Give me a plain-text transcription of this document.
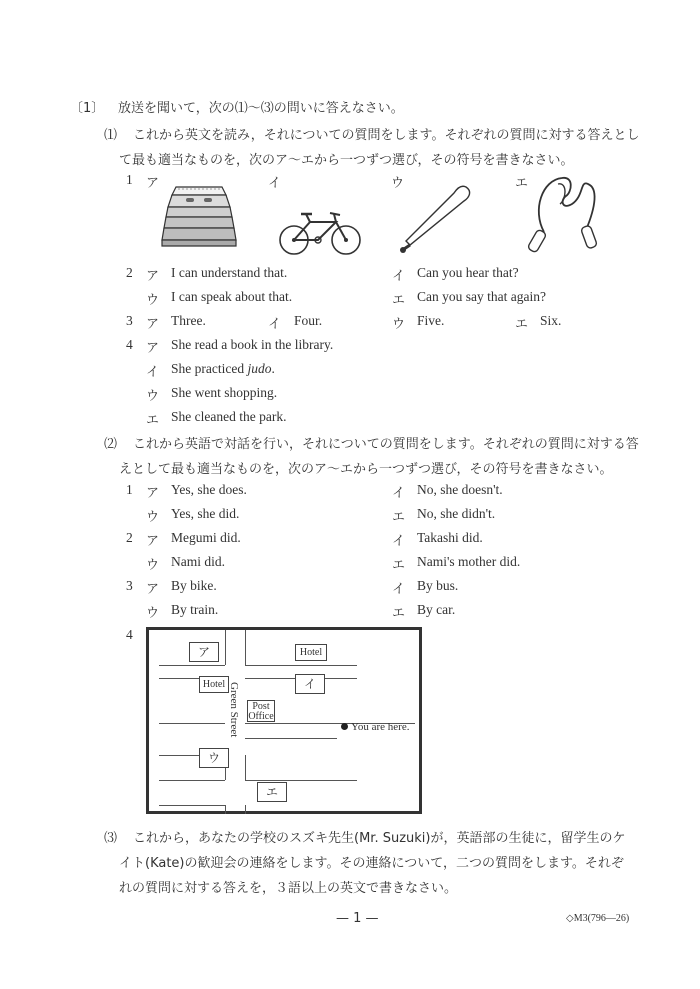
〔1〕 放送を聞いて，次の⑴～⑶の問いに答えなさい。
⑴ これから英文を読み，それについての質問をします。それぞれの質問に対する答えとし
て最も適当なものを，次のア～エから一つずつ選び，その符号を書きなさい。
1 ア	イ	ウ	エ
2 ア I can understand that.	イ Can you hear that?
ウ I can speak about that.	エ Can you say that again?
3 ア Three.	イ Four.	ウ Five.	エ Six.
4 ア She read a book in the library.
イ She practiced judo.
ウ She went shopping.
エ She cleaned the park.
⑵ これから英語で対話を行い，それについての質問をします。それぞれの質問に対する答
えとして最も適当なものを，次のア～エから一つずつ選び，その符号を書きなさい。
1 ア Yes, she does.	イ No, she doesn't.
ウ Yes, she did.	エ No, she didn't.
2 ア Megumi did.	イ Takashi did.
ウ Nami did.	エ Nami's mother did.
3 ア By bike.	イ By bus.
ウ By train.	エ By car.
4
ア	Hotel
Hotel	イ
Post
Office
Green Street
ウ
エ
You are here.
⑶ これから，あなたの学校のスズキ先生(Mr. Suzuki)が，英語部の生徒に，留学生のケ
イト(Kate)の歓迎会の連絡をします。その連絡について，二つの質問をします。それぞ
れの質問に対する答えを，３語以上の英文で書きなさい。
— 1 —	◇M3(796—26)
